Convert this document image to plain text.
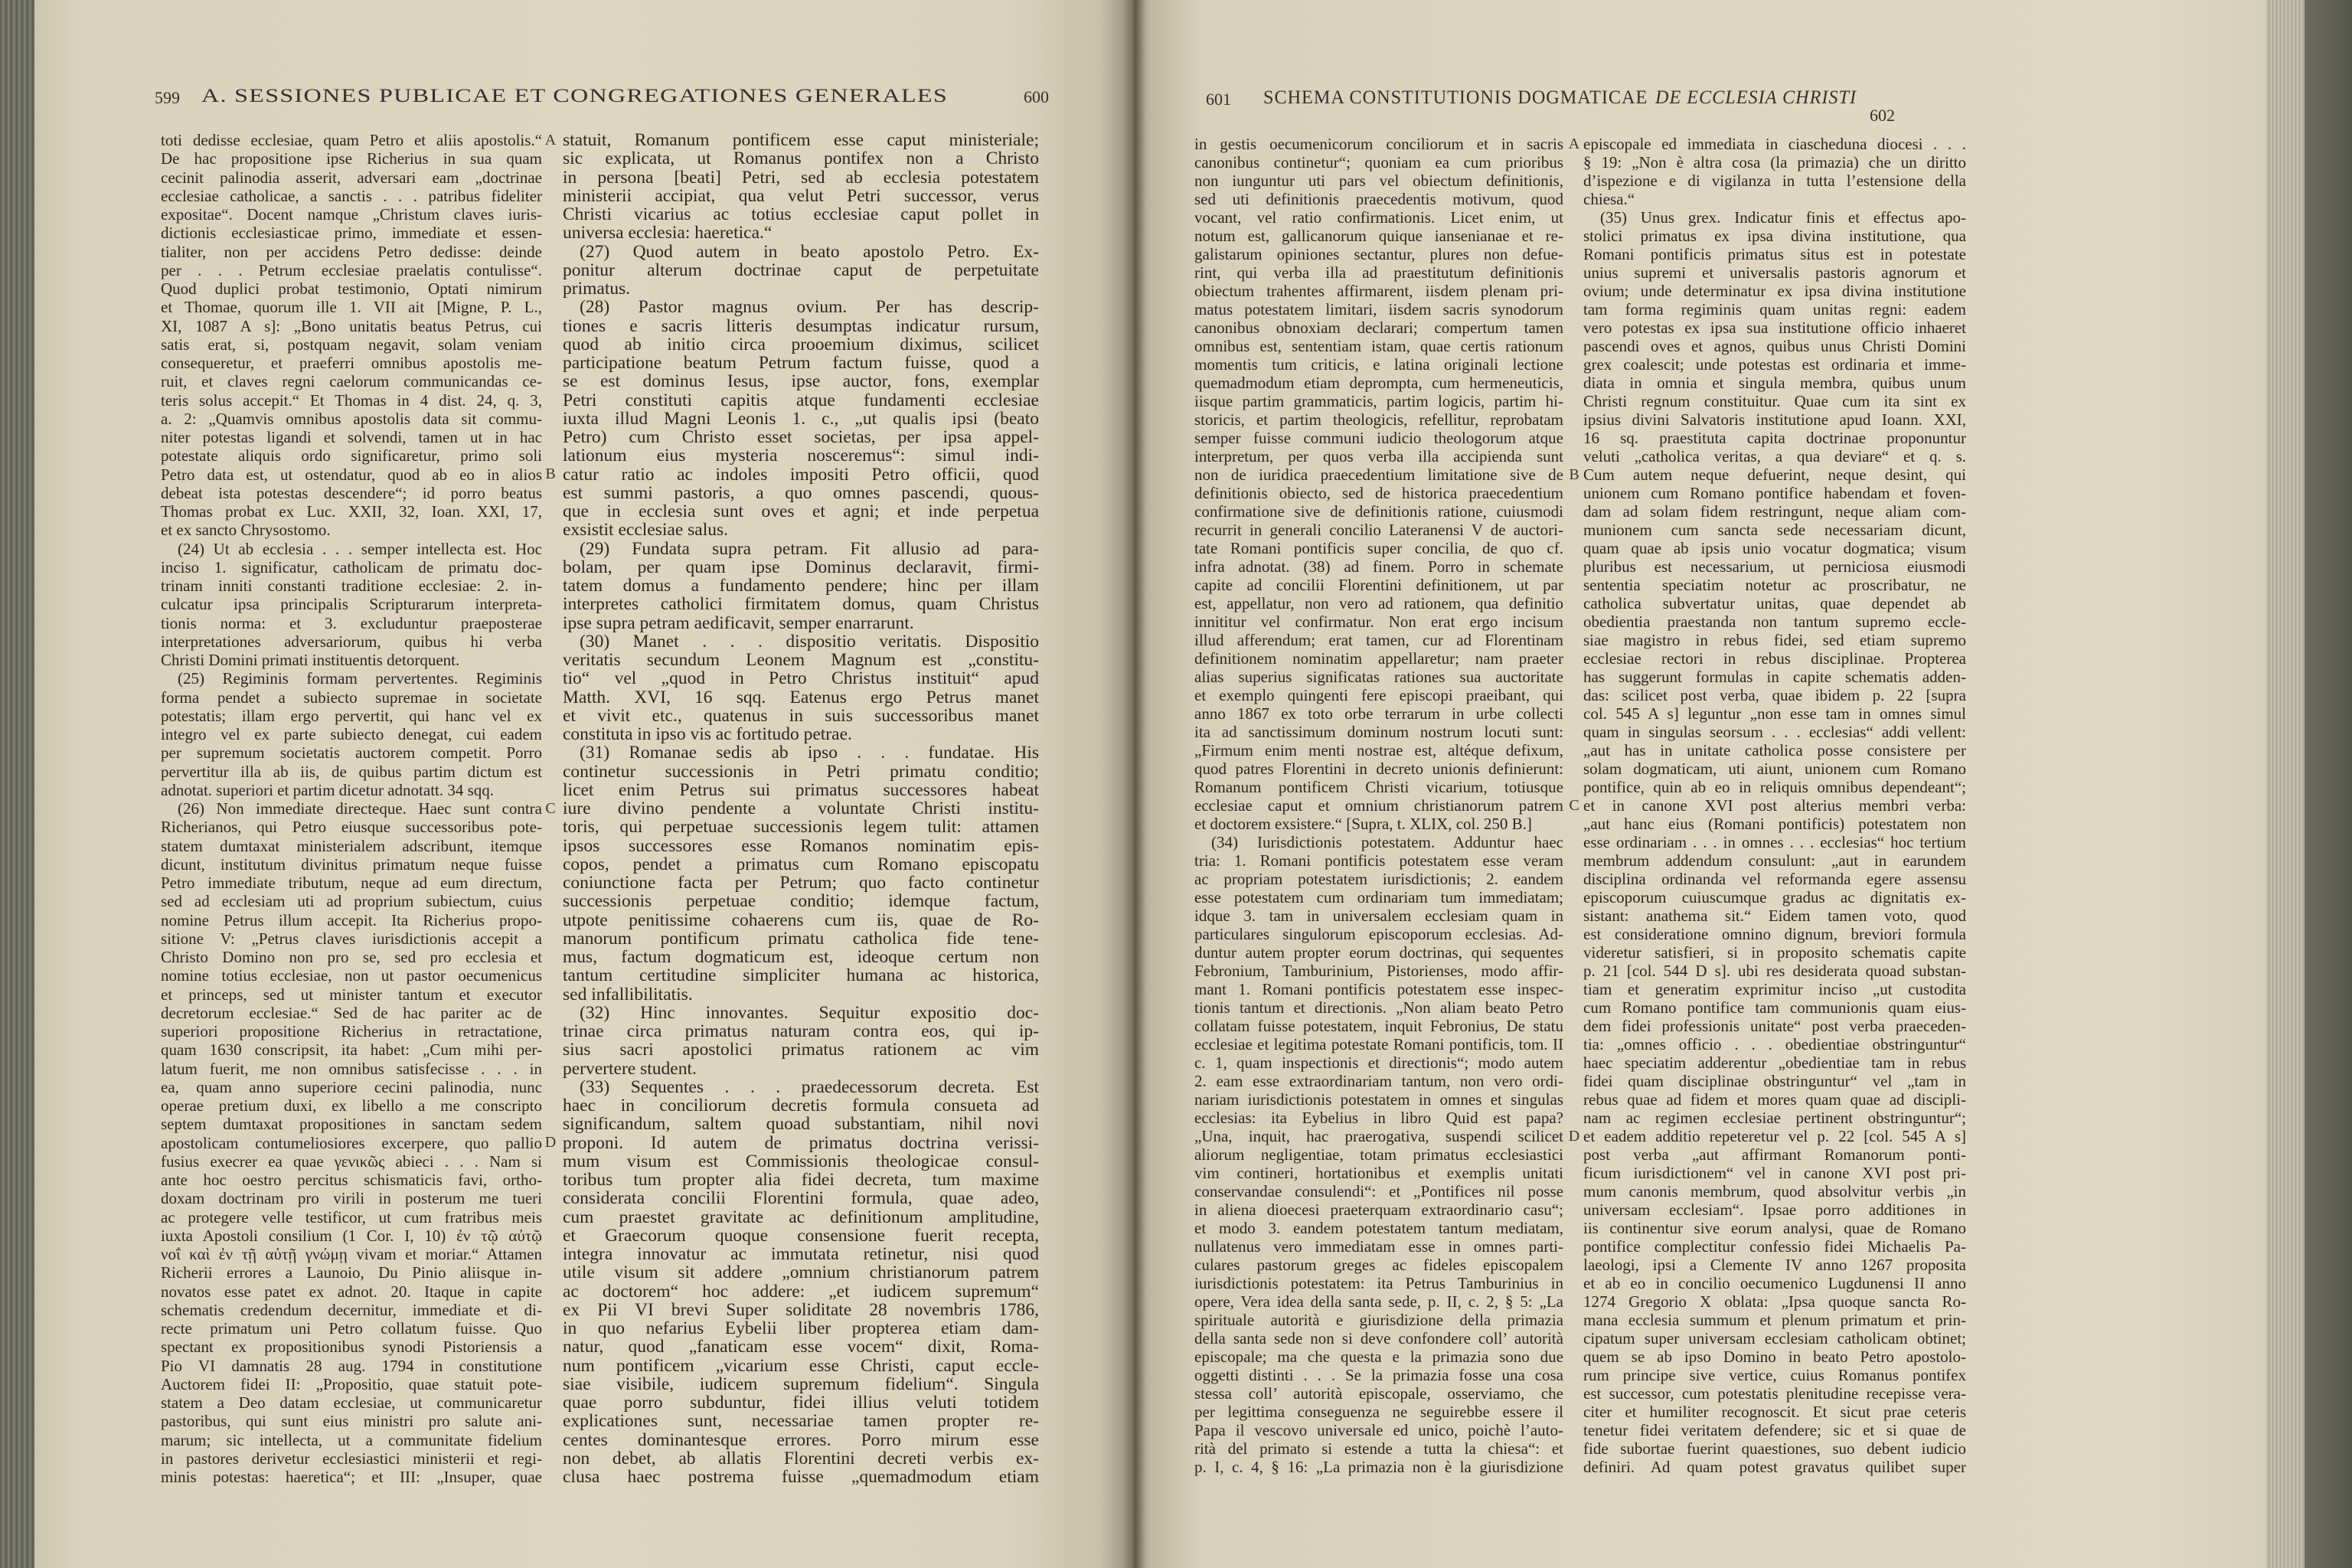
599 A. SESSIONES PUBLICAE ET CONGREGATIONES GENERALES	600
toti dedisse ecclesiae, quam Petro et aliis apostolis.“
De hac propositione ipse Richerius in sua quam
cecinit palinodia asserit, adversari eam „doctrinae
ecclesiae catholicae, a sanctis . . . patribus fideliter
expositae“. Docent namque „Christum claves iuris-
dictionis ecclesiasticae primo, immediate et essen-
tialiter, non per accidens Petro dedisse: deinde
per . . . Petrum ecclesiae praelatis contulisse“.
Quod duplici probat testimonio, Optati nimirum
et Thomae, quorum ille 1. VII ait [Migne, P. L.,
XI, 1087 A s]: „Bono unitatis beatus Petrus, cui
satis erat, si, postquam negavit, solam veniam
consequeretur, et praeferri omnibus apostolis me-
ruit, et claves regni caelorum communicandas ce-
teris solus accepit.“ Et Thomas in 4 dist. 24, q. 3,
a. 2: „Quamvis omnibus apostolis data sit commu-
niter potestas ligandi et solvendi, tamen ut in hac
potestate aliquis ordo significaretur, primo soli
Petro data est, ut ostendatur, quod ab eo in alios
debeat ista potestas descendere“; id porro beatus
Thomas probat ex Luc. XXII, 32, Ioan. XXI, 17,
et ex sancto Chrysostomo.
(24) Ut ab ecclesia . . . semper intellecta est. Hoc
inciso 1. significatur, catholicam de primatu doc-
trinam inniti constanti traditione ecclesiae: 2. in-
culcatur ipsa principalis Scripturarum interpreta-
tionis norma: et 3. excluduntur praeposterae
interpretationes adversariorum, quibus hi verba
Christi Domini primati instituentis detorquent.
(25) Regiminis formam pervertentes. Regiminis
forma pendet a subiecto supremae in societate
potestatis; illam ergo pervertit, qui hanc vel ex
integro vel ex parte subiecto denegat, cui eadem
per supremum societatis auctorem competit. Porro
pervertitur illa ab iis, de quibus partim dictum est
adnotat. superiori et partim dicetur adnotatt. 34 sqq.
(26) Non immediate directeque. Haec sunt contra
Richerianos, qui Petro eiusque successoribus pote-
statem dumtaxat ministerialem adscribunt, itemque
dicunt, institutum divinitus primatum neque fuisse
Petro immediate tributum, neque ad eum directum,
sed ad ecclesiam uti ad proprium subiectum, cuius
nomine Petrus illum accepit. Ita Richerius propo-
sitione V: „Petrus claves iurisdictionis accepit a
Christo Domino non pro se, sed pro ecclesia et
nomine totius ecclesiae, non ut pastor oecumenicus
et princeps, sed ut minister tantum et executor
decretorum ecclesiae.“ Sed de hac pariter ac de
superiori propositione Richerius in retractatione,
quam 1630 conscripsit, ita habet: „Cum mihi per-
latum fuerit, me non omnibus satisfecisse . . . in
ea, quam anno superiore cecini palinodia, nunc
operae pretium duxi, ex libello a me conscripto
septem dumtaxat propositiones in sanctam sedem
apostolicam contumeliosiores excerpere, quo pallio
fusius execrer ea quae γενικῶς abieci . . . Nam si
ante hoc oestro percitus schismaticis favi, ortho-
doxam doctrinam pro virili in posterum me tueri
ac protegere velle testificor, ut cum fratribus meis
iuxta Apostoli consilium (1 Cor. I, 10) ἐν τῷ αὐτῷ
νοΐ καὶ ἐν τῇ αὐτῇ γνώμῃ vivam et moriar.“ Attamen
Richerii errores a Launoio, Du Pinio aliisque in-
novatos esse patet ex adnot. 20. Itaque in capite
schematis credendum decernitur, immediate et di-
recte primatum uni Petro collatum fuisse. Quo
spectant ex propositionibus synodi Pistoriensis a
Pio VI damnatis 28 aug. 1794 in constitutione
Auctorem fidei II: „Propositio, quae statuit pote-
statem a Deo datam ecclesiae, ut communicaretur
pastoribus, qui sunt eius ministri pro salute ani-
marum; sic intellecta, ut a communitate fidelium
in pastores derivetur ecclesiastici ministerii et regi-
minis potestas: haeretica“; et III: „Insuper, quae
A
B
C
D
statuit, Romanum pontificem esse caput ministeriale;
sic explicata, ut Romanus pontifex non a Christo
in persona [beati] Petri, sed ab ecclesia potestatem
ministerii accipiat, qua velut Petri successor, verus
Christi vicarius ac totius ecclesiae caput pollet in
universa ecclesia: haeretica.“
(27) Quod autem in beato apostolo Petro. Ex-
ponitur alterum doctrinae caput de perpetuitate
primatus.
(28) Pastor magnus ovium. Per has descrip-
tiones e sacris litteris desumptas indicatur rursum,
quod ab initio circa prooemium diximus, scilicet
participatione beatum Petrum factum fuisse, quod a
se est dominus Iesus, ipse auctor, fons, exemplar
Petri constituti capitis atque fundamenti ecclesiae
iuxta illud Magni Leonis 1. c., „ut qualis ipsi (beato
Petro) cum Christo esset societas, per ipsa appel-
lationum eius mysteria nosceremus“: simul indi-
catur ratio ac indoles impositi Petro officii, quod
est summi pastoris, a quo omnes pascendi, quous-
que in ecclesia sunt oves et agni; et inde perpetua
exsistit ecclesiae salus.
(29) Fundata supra petram. Fit allusio ad para-
bolam, per quam ipse Dominus declaravit, firmi-
tatem domus a fundamento pendere; hinc per illam
interpretes catholici firmitatem domus, quam Christus
ipse supra petram aedificavit, semper enarrarunt.
(30) Manet . . . dispositio veritatis. Dispositio
veritatis secundum Leonem Magnum est „constitu-
tio“ vel „quod in Petro Christus instituit“ apud
Matth. XVI, 16 sqq. Eatenus ergo Petrus manet
et vivit etc., quatenus in suis successoribus manet
constituta in ipso vis ac fortitudo petrae.
(31) Romanae sedis ab ipso . . . fundatae. His
continetur successionis in Petri primatu conditio;
licet enim Petrus sui primatus successores habeat
iure divino pendente a voluntate Christi institu-
toris, qui perpetuae successionis legem tulit: attamen
ipsos successores esse Romanos nominatim epis-
copos, pendet a primatus cum Romano episcopatu
coniunctione facta per Petrum; quo facto continetur
successionis perpetuae conditio; idemque factum,
utpote penitissime cohaerens cum iis, quae de Ro-
manorum pontificum primatu catholica fide tene-
mus, factum dogmaticum est, ideoque certum non
tantum certitudine simpliciter humana ac historica,
sed infallibilitatis.
(32) Hinc innovantes. Sequitur expositio doc-
trinae circa primatus naturam contra eos, qui ip-
sius sacri apostolici primatus rationem ac vim
pervertere student.
(33) Sequentes . . . praedecessorum decreta. Est
haec in conciliorum decretis formula consueta ad
significandum, saltem quoad substantiam, nihil novi
proponi. Id autem de primatus doctrina verissi-
mum visum est Commissionis theologicae consul-
toribus tum propter alia fidei decreta, tum maxime
considerata concilii Florentini formula, quae adeo,
cum praestet gravitate ac definitionum amplitudine,
et Graecorum quoque consensione fuerit recepta,
integra innovatur ac immutata retinetur, nisi quod
utile visum sit addere „omnium christianorum patrem
ac doctorem“ hoc addere: „et iudicem supremum“
ex Pii VI brevi Super soliditate 28 novembris 1786,
in quo nefarius Eybelii liber propterea etiam dam-
natur, quod „fanaticam esse vocem“ dixit, Roma-
num pontificem „vicarium esse Christi, caput eccle-
siae visibile, iudicem supremum fidelium“. Singula
quae porro subduntur, fidei illius veluti totidem
explicationes sunt, necessariae tamen propter re-
centes dominantesque errores. Porro mirum esse
non debet, ab allatis Florentini decreti verbis ex-
clusa haec postrema fuisse „quemadmodum etiam
601 SCHEMA CONSTITUTIONIS DOGMATICAE DE ECCLESIA CHRISTI
602
in gestis oecumenicorum conciliorum et in sacris
canonibus continetur“; quoniam ea cum prioribus
non iunguntur uti pars vel obiectum definitionis,
sed uti definitionis praecedentis motivum, quod
vocant, vel ratio confirmationis. Licet enim, ut
notum est, gallicanorum quique iansenianae et re-
galistarum opiniones sectantur, plures non defue-
rint, qui verba illa ad praestitutum definitionis
obiectum trahentes affirmarent, iisdem plenam pri-
matus potestatem limitari, iisdem sacris synodorum
canonibus obnoxiam declarari; compertum tamen
omnibus est, sententiam istam, quae certis rationum
momentis tum criticis, e latina originali lectione
quemadmodum etiam deprompta, cum hermeneuticis,
iisque partim grammaticis, partim logicis, partim hi-
storicis, et partim theologicis, refellitur, reprobatam
semper fuisse communi iudicio theologorum atque
interpretum, per quos verba illa accipienda sunt
non de iuridica praecedentium limitatione sive de
definitionis obiecto, sed de historica praecedentium
confirmatione sive de definitionis ratione, cuiusmodi
recurrit in generali concilio Lateranensi V de auctori-
tate Romani pontificis super concilia, de quo cf.
infra adnotat. (38) ad finem. Porro in schemate
capite ad concilii Florentini definitionem, ut par
est, appellatur, non vero ad rationem, qua definitio
innititur vel confirmatur. Non erat ergo incisum
illud afferendum; erat tamen, cur ad Florentinam
definitionem nominatim appellaretur; nam praeter
alias superius significatas rationes sua auctoritate
et exemplo quingenti fere episcopi praeibant, qui
anno 1867 ex toto orbe terrarum in urbe collecti
ita ad sanctissimum dominum nostrum locuti sunt:
„Firmum enim menti nostrae est, altéque defixum,
quod patres Florentini in decreto unionis definierunt:
Romanum pontificem Christi vicarium, totiusque
ecclesiae caput et omnium christianorum patrem
et doctorem exsistere.“ [Supra, t. XLIX, col. 250 B.]
(34) Iurisdictionis potestatem. Adduntur haec
tria: 1. Romani pontificis potestatem esse veram
ac propriam potestatem iurisdictionis; 2. eandem
esse potestatem cum ordinariam tum immediatam;
idque 3. tam in universalem ecclesiam quam in
particulares singulorum episcoporum ecclesias. Ad-
duntur autem propter eorum doctrinas, qui sequentes
Febronium, Tamburinium, Pistorienses, modo affir-
mant 1. Romani pontificis potestatem esse inspec-
tionis tantum et directionis. „Non aliam beato Petro
collatam fuisse potestatem, inquit Febronius, De statu
ecclesiae et legitima potestate Romani pontificis, tom. II
c. 1, quam inspectionis et directionis“; modo autem
2. eam esse extraordinariam tantum, non vero ordi-
nariam iurisdictionis potestatem in omnes et singulas
ecclesias: ita Eybelius in libro Quid est papa?
„Una, inquit, hac praerogativa, suspendi scilicet
aliorum negligentiae, totam primatus ecclesiastici
vim contineri, hortationibus et exemplis unitati
conservandae consulendi“: et „Pontifices nil posse
in aliena dioecesi praeterquam extraordinario casu“;
et modo 3. eandem potestatem tantum mediatam,
nullatenus vero immediatam esse in omnes parti-
culares pastorum greges ac fideles episcopalem
iurisdictionis potestatem: ita Petrus Tamburinius in
opere, Vera idea della santa sede, p. II, c. 2, § 5: „La
spirituale autorità e giurisdizione della primazia
della santa sede non si deve confondere coll’ autorità
episcopale; ma che questa e la primazia sono due
oggetti distinti . . . Se la primazia fosse una cosa
stessa coll’ autorità episcopale, osserviamo, che
per legittima conseguenza ne seguirebbe essere il
Papa il vescovo universale ed unico, poichè l’auto-
rità del primato si estende a tutta la chiesa“: et
p. I, c. 4, § 16: „La primazia non è la giurisdizione
A
B
C
D
episcopale ed immediata in ciascheduna diocesi . . .
§ 19: „Non è altra cosa (la primazia) che un diritto
d’ispezione e di vigilanza in tutta l’estensione della
chiesa.“
(35) Unus grex. Indicatur finis et effectus apo-
stolici primatus ex ipsa divina institutione, qua
Romani pontificis primatus situs est in potestate
unius supremi et universalis pastoris agnorum et
ovium; unde determinatur ex ipsa divina institutione
tam forma regiminis quam unitas regni: eadem
vero potestas ex ipsa sua institutione officio inhaeret
pascendi oves et agnos, quibus unus Christi Domini
grex coalescit; unde potestas est ordinaria et imme-
diata in omnia et singula membra, quibus unum
Christi regnum constituitur. Quae cum ita sint ex
ipsius divini Salvatoris institutione apud Ioann. XXI,
16 sq. praestituta capita doctrinae proponuntur
veluti „catholica veritas, a qua deviare“ et q. s.
Cum autem neque defuerint, neque desint, qui
unionem cum Romano pontifice habendam et foven-
dam ad solam fidem restringunt, neque aliam com-
munionem cum sancta sede necessariam dicunt,
quam quae ab ipsis unio vocatur dogmatica; visum
pluribus est necessarium, ut perniciosa eiusmodi
sententia speciatim notetur ac proscribatur, ne
catholica subvertatur unitas, quae dependet ab
obedientia praestanda non tantum supremo eccle-
siae magistro in rebus fidei, sed etiam supremo
ecclesiae rectori in rebus disciplinae. Propterea
has suggerunt formulas in capite schematis adden-
das: scilicet post verba, quae ibidem p. 22 [supra
col. 545 A s] leguntur „non esse tam in omnes simul
quam in singulas seorsum . . . ecclesias“ addi vellent:
„aut has in unitate catholica posse consistere per
solam dogmaticam, uti aiunt, unionem cum Romano
pontifice, quin ab eo in reliquis omnibus dependeant“;
et in canone XVI post alterius membri verba:
„aut hanc eius (Romani pontificis) potestatem non
esse ordinariam . . . in omnes . . . ecclesias“ hoc tertium
membrum addendum consulunt: „aut in earundem
disciplina ordinanda vel reformanda egere assensu
episcoporum cuiuscumque gradus ac dignitatis ex-
sistant: anathema sit.“ Eidem tamen voto, quod
est consideratione omnino dignum, breviori formula
videretur satisfieri, si in proposito schematis capite
p. 21 [col. 544 D s]. ubi res desiderata quoad substan-
tiam et generatim exprimitur inciso „ut custodita
cum Romano pontifice tam communionis quam eius-
dem fidei professionis unitate“ post verba praeceden-
tia: „omnes officio . . . obedientiae obstringuntur“
haec speciatim adderentur „obedientiae tam in rebus
fidei quam disciplinae obstringuntur“ vel „tam in
rebus quae ad fidem et mores quam quae ad discipli-
nam ac regimen ecclesiae pertinent obstringuntur“;
et eadem additio repeteretur vel p. 22 [col. 545 A s]
post verba „aut affirmant Romanorum ponti-
ficum iurisdictionem“ vel in canone XVI post pri-
mum canonis membrum, quod absolvitur verbis „in
universam ecclesiam“. Ipsae porro additiones in
iis continentur sive eorum analysi, quae de Romano
pontifice complectitur confessio fidei Michaelis Pa-
laeologi, ipsi a Clemente IV anno 1267 proposita
et ab eo in concilio oecumenico Lugdunensi II anno
1274 Gregorio X oblata: „Ipsa quoque sancta Ro-
mana ecclesia summum et plenum primatum et prin-
cipatum super universam ecclesiam catholicam obtinet;
quem se ab ipso Domino in beato Petro apostolo-
rum principe sive vertice, cuius Romanus pontifex
est successor, cum potestatis plenitudine recepisse vera-
citer et humiliter recognoscit. Et sicut prae ceteris
tenetur fidei veritatem defendere; sic et si quae de
fide subortae fuerint quaestiones, suo debent iudicio
definiri. Ad quam potest gravatus quilibet super
